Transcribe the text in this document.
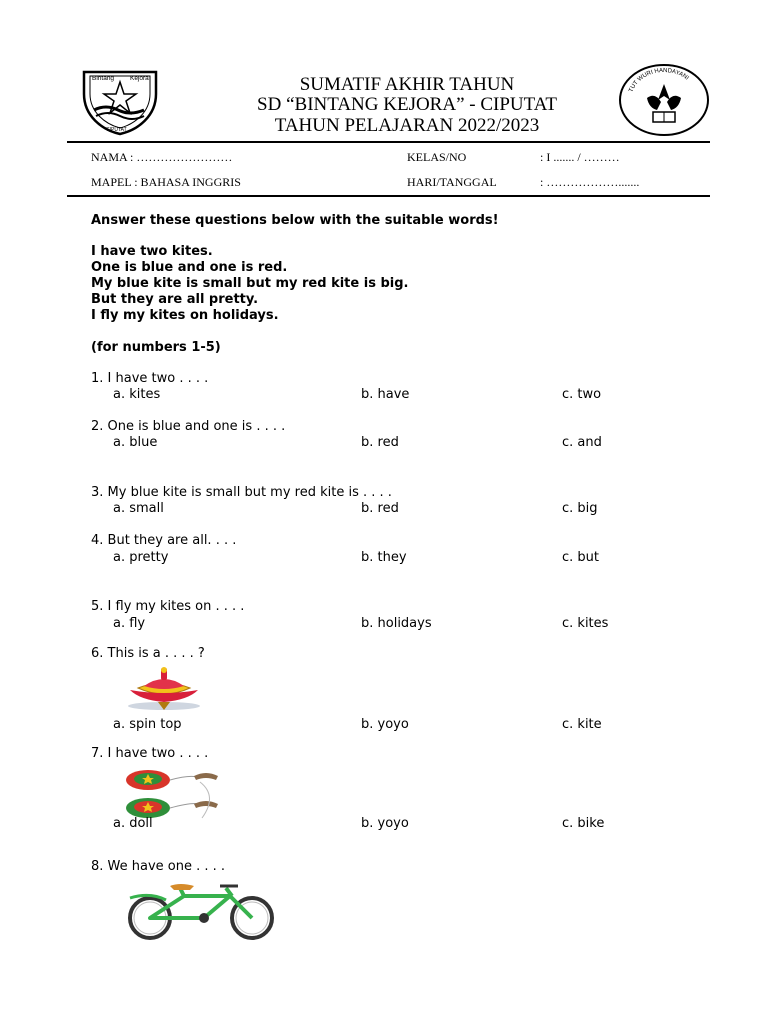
Bintang Kejora
CIPUTAT
SUMATIF AKHIR TAHUN
SD “BINTANG KEJORA” - CIPUTAT
TAHUN PELAJARAN 2022/2023
TUT WURI HANDAYANI
NAMA : ……………………	KELAS/NO	: I ....... / ………
MAPEL : BAHASA INGGRIS	HARI/TANGGAL	: ……………….......
Answer these questions below with the suitable words!
I have two kites.
One is blue and one is red.
My blue kite is small but my red kite is big.
But they are all pretty.
I fly my kites on holidays.
(for numbers 1-5)
1. I have two . . . .
a. kites	b. have	c. two
2. One is blue and one is . . . .
a. blue	b. red	c. and
3. My blue kite is small but my red kite is . . . .
a. small	b. red	c. big
4. But they are all. . . .
a. pretty	b. they	c. but
5. I fly my kites on . . . .
a. fly	b. holidays	c. kites
6. This is a . . . . ?
a. spin top	b. yoyo	c. kite
7. I have two . . . .
a. doll	b. yoyo	c. bike
8. We have one . . . .
